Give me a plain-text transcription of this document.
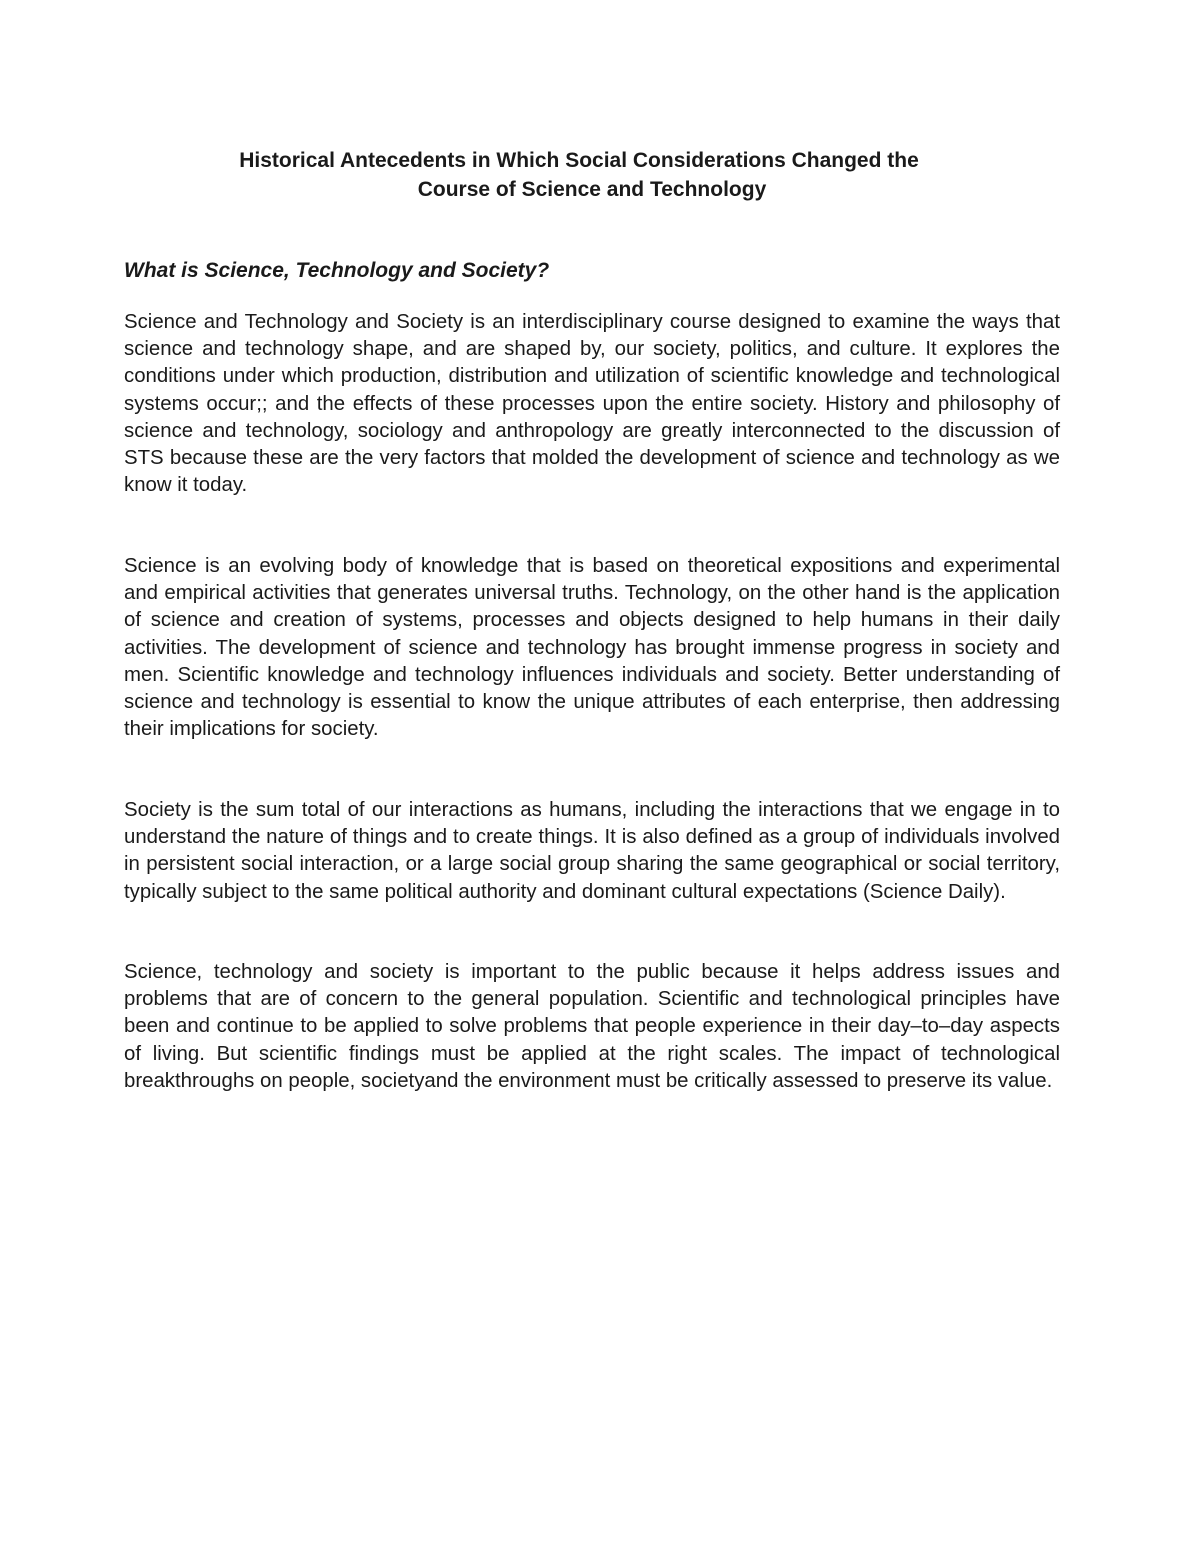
Historical Antecedents in Which Social Considerations Changed the
Course of Science and Technology
What is Science, Technology and Society?

Science and Technology and Society is an interdisciplinary course designed to examine the ways that science and technology shape, and are shaped by, our society, politics, and culture. It explores the conditions under which production, distribution and utilization of scientific knowledge and technological systems occur;; and the effects of these processes upon the entire society. History and philosophy of science and technology, sociology and anthropology are greatly interconnected to the discussion of STS because these are the very factors that molded the development of science and technology as we know it today.

Science is an evolving body of knowledge that is based on theoretical expositions and experimental and empirical activities that generates universal truths. Technology, on the other hand is the application of science and creation of systems, processes and objects designed to help humans in their daily activities. The development of science and technology has brought immense progress in society and men. Scientific knowledge and technology influences individuals and society. Better understanding of science and technology is essential to know the unique attributes of each enterprise, then addressing their implications for society.

Society is the sum total of our interactions as humans, including the interactions that we engage in to understand the nature of things and to create things. It is also defined as a group of individuals involved in persistent social interaction, or a large social group sharing the same geographical or social territory, typically subject to the same political authority and dominant cultural expectations (Science Daily).

Science, technology and society is important to the public because it helps address issues and problems that are of concern to the general population. Scientific and technological principles have been and continue to be applied to solve problems that people experience in their day–to–day aspects of living. But scientific findings must be applied at the right scales. The impact of technological breakthroughs on people, societyand the environment must be critically assessed to preserve its value.
